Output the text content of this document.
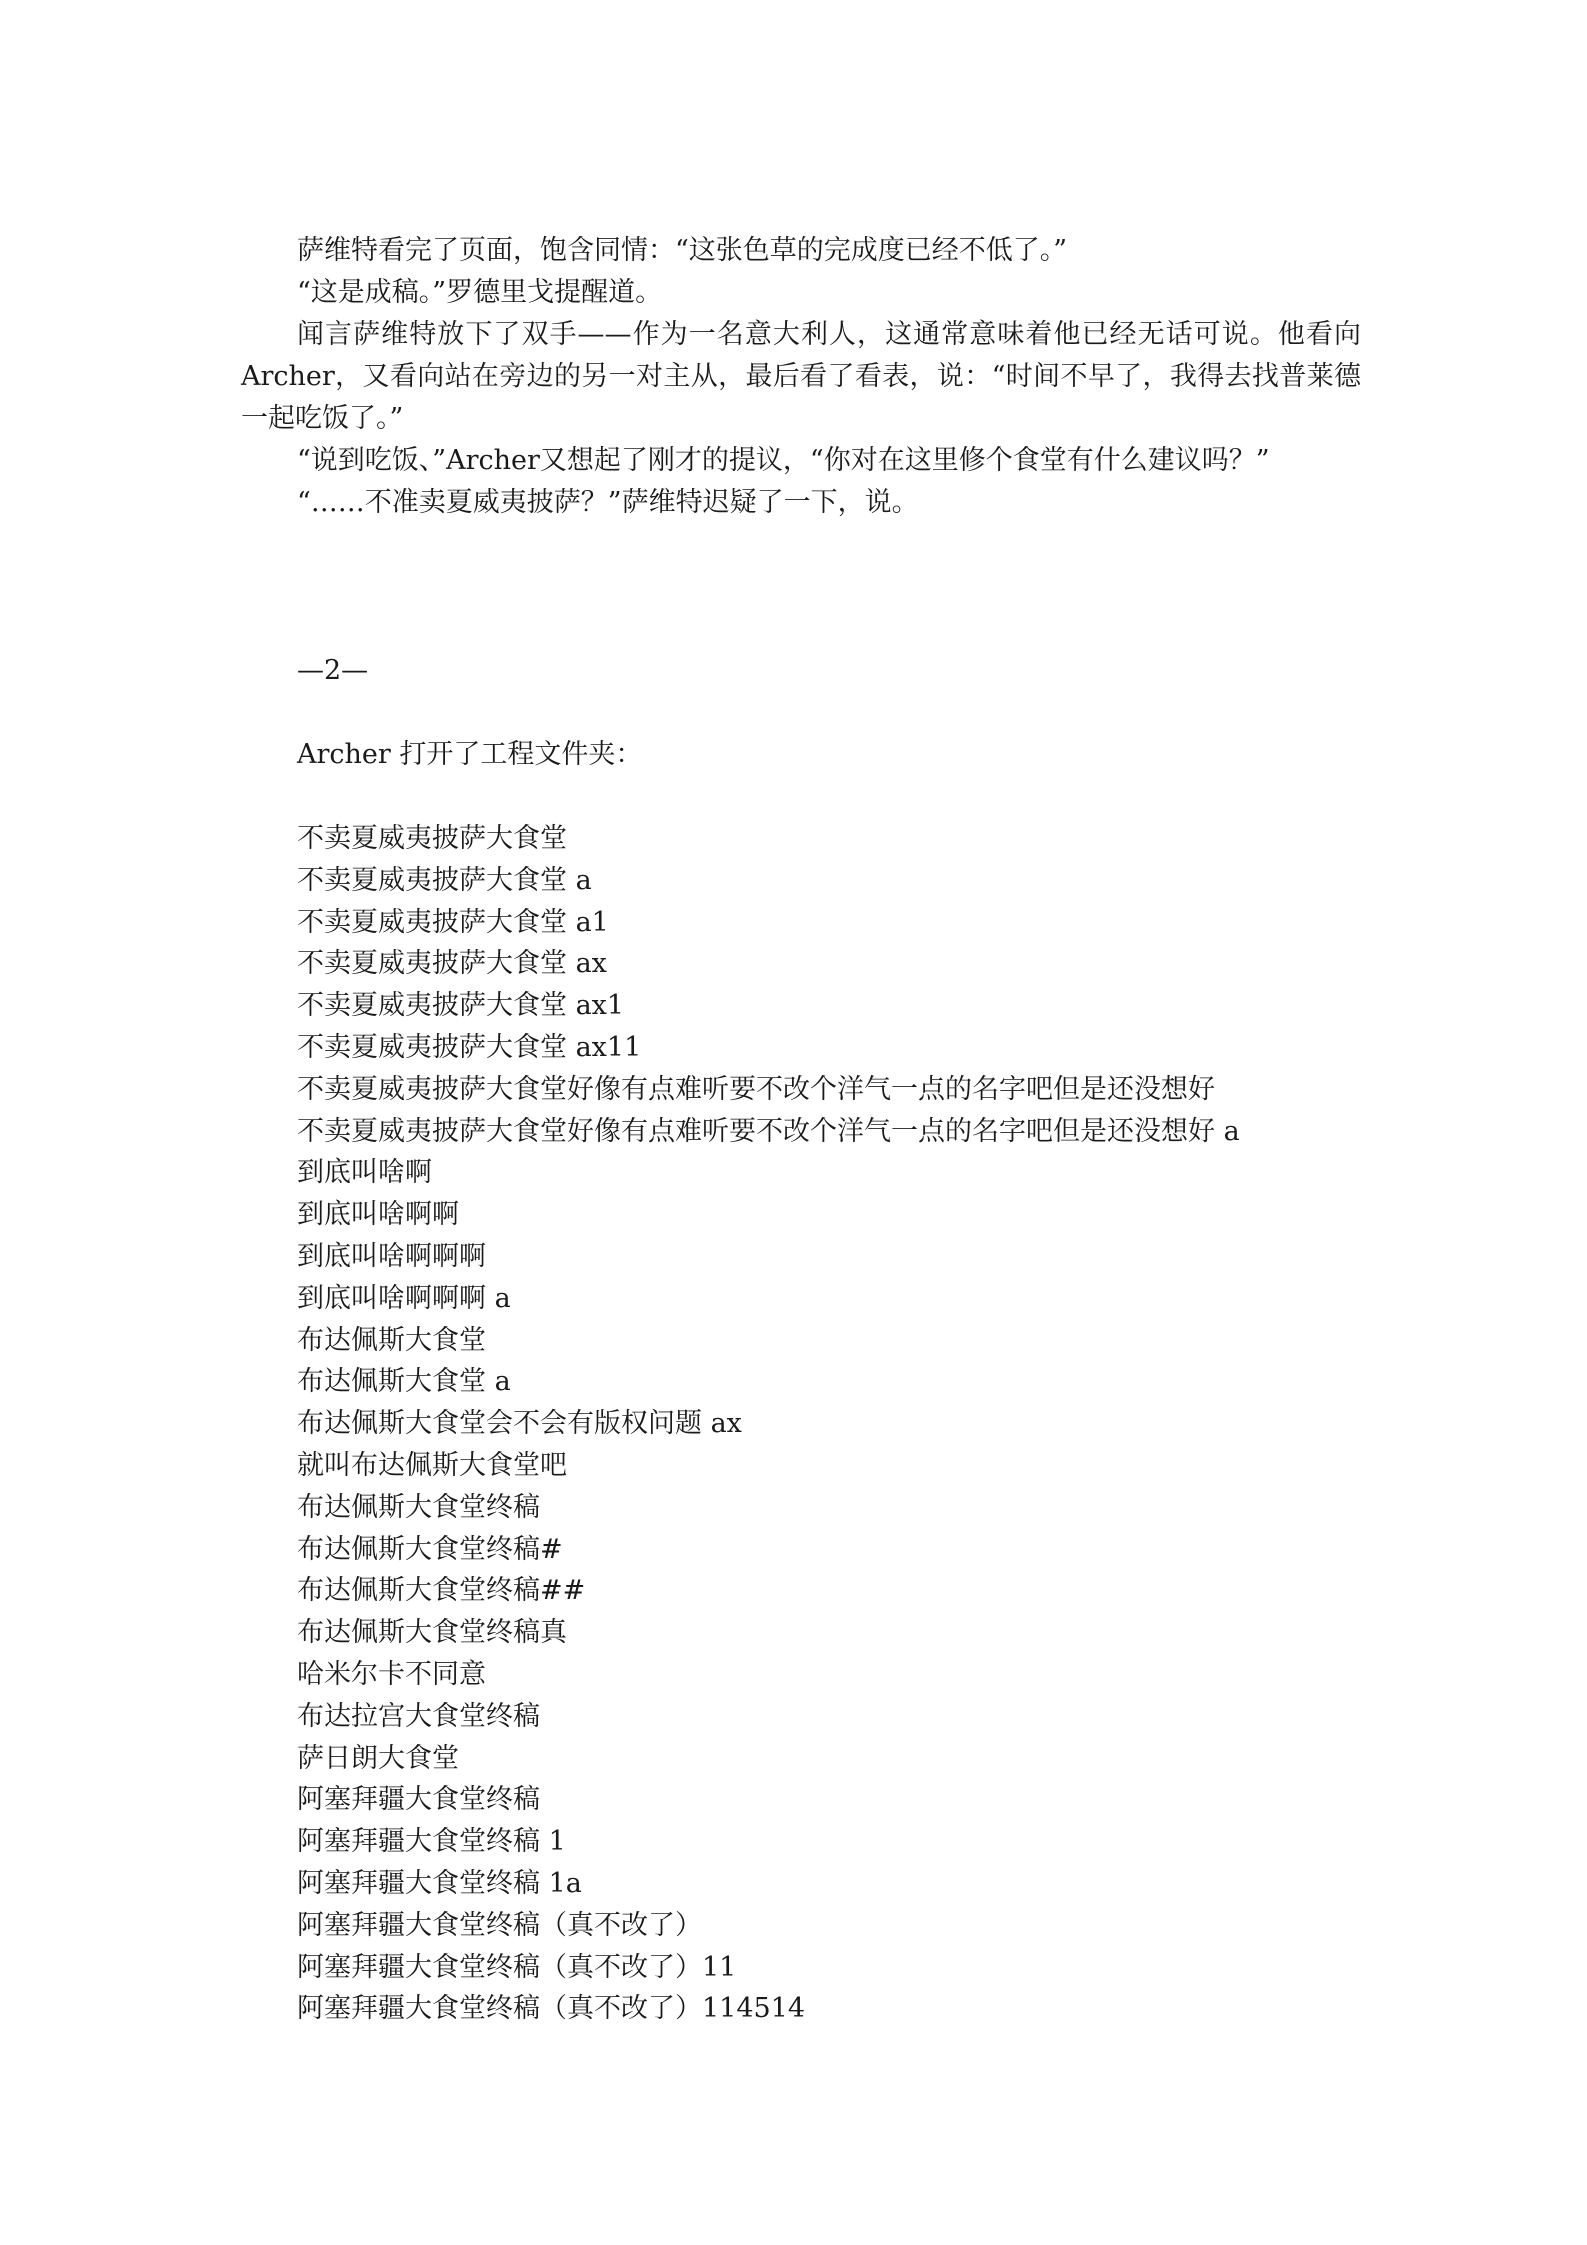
萨维特看完了页面，饱含同情：“这张色草的完成度已经不低了。”

“这是成稿。”罗德里戈提醒道。

闻言萨维特放下了双手——作为一名意大利人，这通常意味着他已经无话可说。他看向Archer，又看向站在旁边的另一对主从，最后看了看表，说：“时间不早了，我得去找普莱德一起吃饭了。”

“说到吃饭、”Archer又想起了刚才的提议，“你对在这里修个食堂有什么建议吗？”

“……不准卖夏威夷披萨？”萨维特迟疑了一下，说。

—2—

Archer 打开了工程文件夹：

不卖夏威夷披萨大食堂
不卖夏威夷披萨大食堂 a
不卖夏威夷披萨大食堂 a1
不卖夏威夷披萨大食堂 ax
不卖夏威夷披萨大食堂 ax1
不卖夏威夷披萨大食堂 ax11
不卖夏威夷披萨大食堂好像有点难听要不改个洋气一点的名字吧但是还没想好
不卖夏威夷披萨大食堂好像有点难听要不改个洋气一点的名字吧但是还没想好 a
到底叫啥啊
到底叫啥啊啊
到底叫啥啊啊啊
到底叫啥啊啊啊 a
布达佩斯大食堂
布达佩斯大食堂 a
布达佩斯大食堂会不会有版权问题 ax
就叫布达佩斯大食堂吧
布达佩斯大食堂终稿
布达佩斯大食堂终稿#
布达佩斯大食堂终稿##
布达佩斯大食堂终稿真
哈米尔卡不同意
布达拉宫大食堂终稿
萨日朗大食堂
阿塞拜疆大食堂终稿
阿塞拜疆大食堂终稿 1
阿塞拜疆大食堂终稿 1a
阿塞拜疆大食堂终稿（真不改了）
阿塞拜疆大食堂终稿（真不改了）11
阿塞拜疆大食堂终稿（真不改了）114514
